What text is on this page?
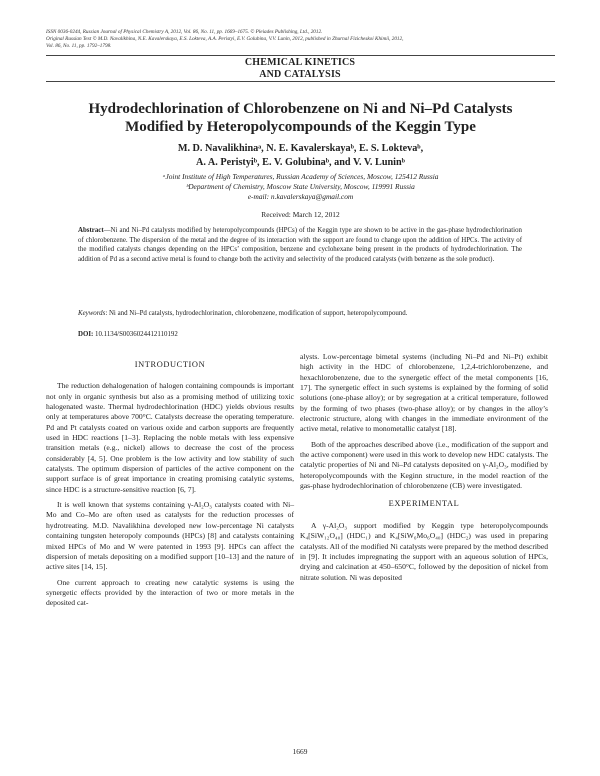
ISSN 0036-0244, Russian Journal of Physical Chemistry A, 2012, Vol. 86, No. 11, pp. 1669–1675. © Pleiades Publishing, Ltd., 2012.
Original Russian Text © M.D. Navalikhina, N.E. Kavalerskaya, E.S. Lokteva, A.A. Peristyi, E.V. Golubina, V.V. Lunin, 2012, published in Zhurnal Fizicheskoi Khimii, 2012,
Vol. 86, No. 11, pp. 1792–1798.
CHEMICAL KINETICS
AND CATALYSIS
Hydrodechlorination of Chlorobenzene on Ni and Ni–Pd Catalysts
Modified by Heteropolycompounds of the Keggin Type
M. D. Navalikhinaᵃ, N. E. Kavalerskayaᵇ, E. S. Loktevaᵇ,
A. A. Peristyiᵇ, E. V. Golubinaᵇ, and V. V. Luninᵇ
ᵃJoint Institute of High Temperatures, Russian Academy of Sciences, Moscow, 125412 Russia
ᵇDepartment of Chemistry, Moscow State University, Moscow, 119991 Russia
e-mail: n.kavalerskaya@gmail.com
Received: March 12, 2012
Abstract—Ni and Ni–Pd catalysts modified by heteropolycompounds (HPCs) of the Keggin type are shown to be active in the gas-phase hydrodechlorination of chlorobenzene. The dispersion of the metal and the degree of its interaction with the support are found to change upon the addition of HPCs. The activity of the modified catalysts changes depending on the HPCs’ composition, benzene and cyclohexane being present in the products of hydrodechlorination. The addition of Pd as a second active metal is found to change both the activity and selectivity of the produced catalysts (with benzene as the sole product).
Keywords: Ni and Ni–Pd catalysts, hydrodechlorination, chlorobenzene, modification of support, heteropolycompound.
DOI: 10.1134/S0036024412110192
INTRODUCTION

The reduction dehalogenation of halogen containing compounds is important not only in organic synthesis but also as a promising method of utilizing toxic halogenated waste. Thermal hydrodechlorination (HDC) yields obvious results only at temperatures above 700°C. Catalysts decrease the operating temperature. Pd and Pt catalysts coated on various oxide and carbon supports are frequently used in HDC reactions [1–3]. Replacing the noble metals with less expensive transition metals (e.g., nickel) allows to decrease the cost of the process considerably [4, 5]. One problem is the low activity and low stability of such catalysts. The optimum dispersion of particles of the active component on the support surface is of great importance in creating promising catalytic systems, since HDC is a structure-sensitive reaction [6, 7].

It is well known that systems containing γ-Al₂O₃ catalysts coated with Ni–Mo and Co–Mo are often used as catalysts for the reduction processes of hydrotreating. M.D. Navalikhina developed new low-percentage Ni catalysts containing tungsten heteropoly compounds (HPCs) [8] and catalysts containing mixed HPCs of Mo and W were patented in 1993 [9]. HPCs can affect the dispersion of metals depositing on a modified support [10–13] and the nature of active sites [14, 15].

One current approach to creating new catalytic systems is using the synergetic effects provided by the interaction of two or more metals in the deposited cat-

alysts. Low-percentage bimetal systems (including Ni–Pd and Ni–Pt) exhibit high activity in the HDC of chlorobenzene, 1,2,4-trichlorobenzene, and hexachlorobenzene, due to the synergetic effect of the metal components [16, 17]. The synergetic effect in such systems is explained by the forming of solid solutions (one-phase alloy); or by segregation at a critical temperature, followed by the forming of two phases (two-phase alloy); or by changes in the alloy’s electronic structure, along with changes in the immediate environment of the active metal, relative to monometallic catalyst [18].

Both of the approaches described above (i.e., modification of the support and the active component) were used in this work to develop new HDC catalysts. The catalytic properties of Ni and Ni–Pd catalysts deposited on γ-Al₂O₃, modified by heteropolycompounds with the Keginn structure, in the model reaction of the gas-phase hydrodechlorination of chlorobenzene (CB) were investigated.

EXPERIMENTAL

A γ-Al₂O₃ support modified by Keggin type heteropolycompounds K₄[SiW₁₂O₄₀] (HDC₁) and K₄[SiW₆Mo₆O₄₀] (HDC₂) was used in preparing catalysts. All of the modified Ni catalysts were prepared by the method described in [9]. It includes impregnating the support with an aqueous solution of HPCs, drying and calcination at 450–650°C, followed by the deposition of nickel from nitrate solution. Ni was deposited

1669
